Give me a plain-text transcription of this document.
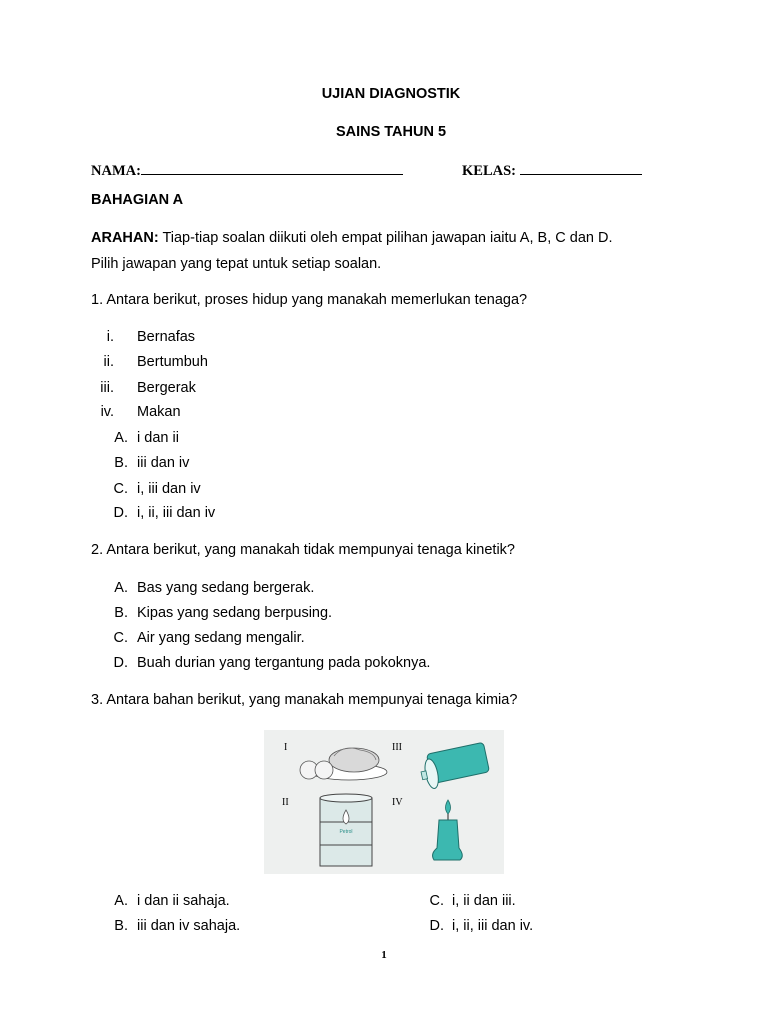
UJIAN DIAGNOSTIK
SAINS TAHUN 5
NAMA:	KELAS:
BAHAGIAN A
ARAHAN: Tiap-tiap soalan diikuti oleh empat pilihan jawapan iaitu A, B, C dan D.
Pilih jawapan yang tepat untuk setiap soalan.
1. Antara berikut, proses hidup yang manakah memerlukan tenaga?
i. Bernafas
ii. Bertumbuh
iii. Bergerak
iv. Makan
A. i dan ii
B. iii dan iv
C. i, iii dan iv
D. i, ii, iii dan iv
2. Antara berikut, yang manakah tidak mempunyai tenaga kinetik?
A. Bas yang sedang bergerak.
B. Kipas yang sedang berpusing.
C. Air yang sedang mengalir.
D. Buah durian yang tergantung pada pokoknya.
3. Antara bahan berikut, yang manakah mempunyai tenaga kimia?
I	III
II	IV
Petrol
A. i dan ii sahaja.
B. iii dan iv sahaja.
C. i, ii dan iii.
D. i, ii, iii dan iv.
1
